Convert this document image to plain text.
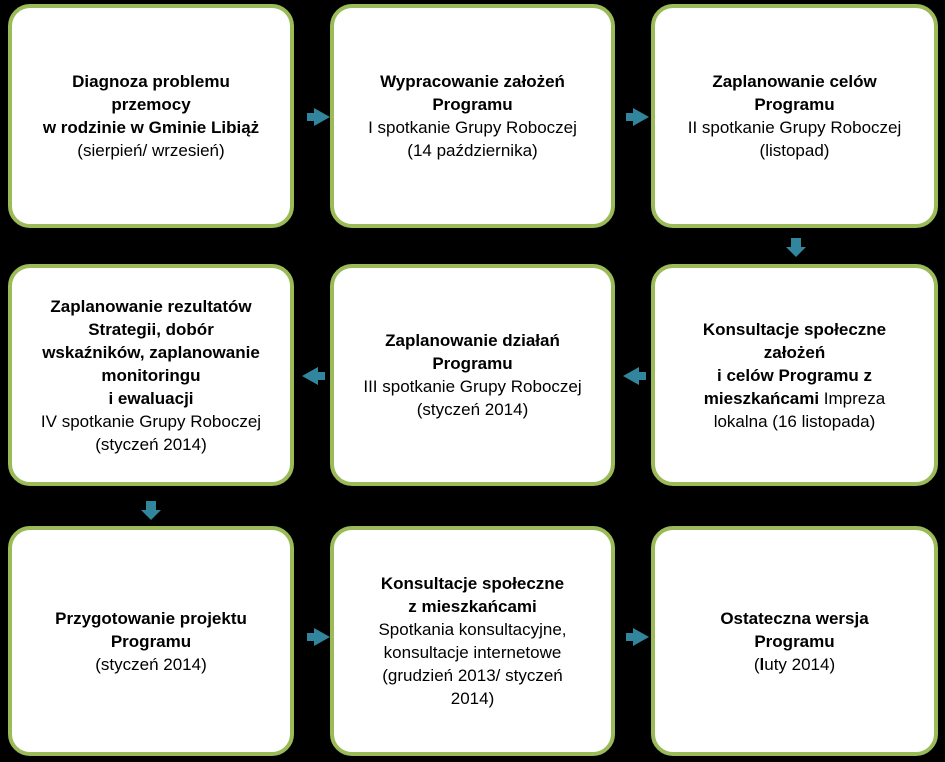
Diagnoza problemu
przemocy
w rodzinie w Gminie Libiąż
(sierpień/ wrzesień)
Wypracowanie założeń
Programu
I spotkanie Grupy Roboczej
(14 października)
Zaplanowanie celów
Programu
II spotkanie Grupy Roboczej
(listopad)
Konsultacje społeczne
założeń
i celów Programu z
mieszkańcami Impreza
lokalna (16 listopada)
Zaplanowanie działań
Programu
III spotkanie Grupy Roboczej
(styczeń 2014)
Zaplanowanie rezultatów
Strategii, dobór
wskaźników, zaplanowanie
monitoringu
i ewaluacji
IV spotkanie Grupy Roboczej
(styczeń 2014)
Przygotowanie projektu
Programu
(styczeń 2014)
Konsultacje społeczne
z mieszkańcami
Spotkania konsultacyjne,
konsultacje internetowe
(grudzień 2013/ styczeń
2014)
Ostateczna wersja
Programu
(luty 2014)
